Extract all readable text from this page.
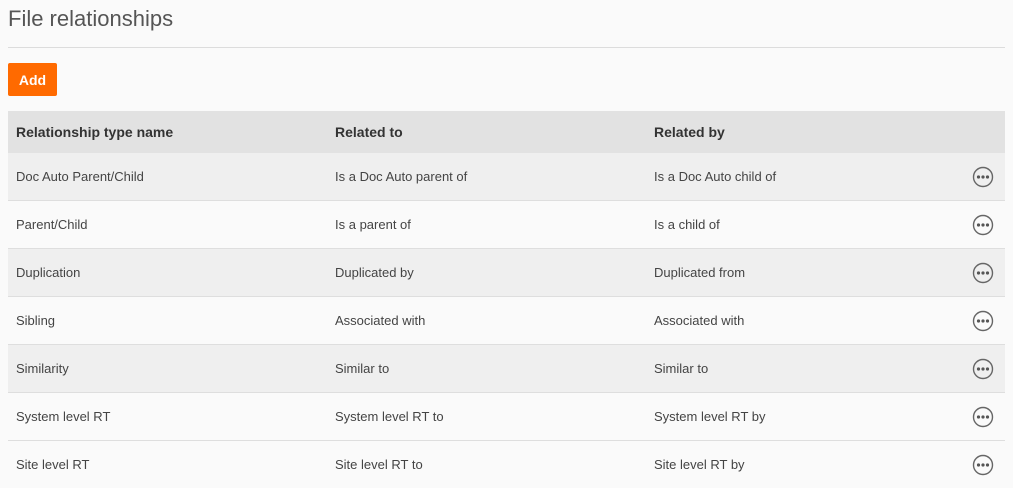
File relationships
Add
Relationship type name	Related to	Related by
Doc Auto Parent/Child	Is a Doc Auto parent of	Is a Doc Auto child of
Parent/Child	Is a parent of	Is a child of
Duplication	Duplicated by	Duplicated from
Sibling	Associated with	Associated with
Similarity	Similar to	Similar to
System level RT	System level RT to	System level RT by
Site level RT	Site level RT to	Site level RT by
